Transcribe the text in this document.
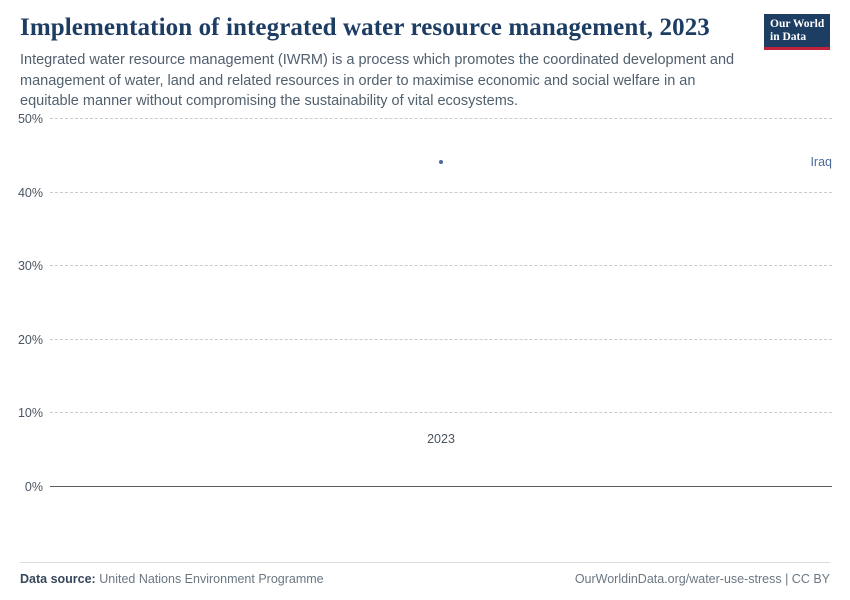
Implementation of integrated water resource management, 2023

Integrated water resource management (IWRM) is a process which promotes the coordinated development and management of water, land and related resources in order to maximise economic and social welfare in an equitable manner without compromising the sustainability of vital ecosystems.

Our World
in Data
0%
10%
20%
30%
40%
50%
2023
Iraq
Data source: United Nations Environment Programme	OurWorldinData.org/water-use-stress | CC BY
